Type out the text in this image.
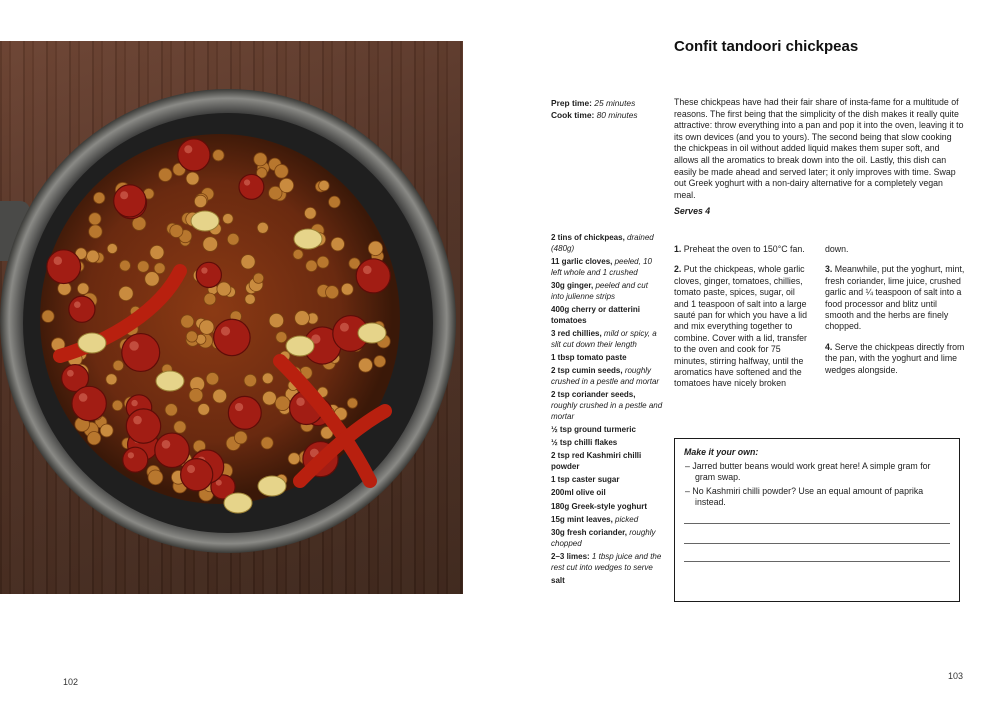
Confit tandoori chickpeas
Prep time: 25 minutes
Cook time: 80 minutes
These chickpeas have had their fair share of insta-fame for a multitude of reasons. The first being that the simplicity of the dish makes it really quite attractive: throw everything into a pan and pop it into the oven, leaving it to its own devices (and you to yours). The second being that slow cooking the chickpeas in oil without added liquid makes them super soft, and allows all the aromatics to break down into the oil. Lastly, this dish can easily be made ahead and served later; it only improves with time. Swap out Greek yoghurt with a non-dairy alternative for a completely vegan meal.
Serves 4
2 tins of chickpeas, drained (480g)
11 garlic cloves, peeled, 10 left whole and 1 crushed
30g ginger, peeled and cut into julienne strips
400g cherry or datterini tomatoes
3 red chillies, mild or spicy, a slit cut down their length
1 tbsp tomato paste
2 tsp cumin seeds, roughly crushed in a pestle and mortar
2 tsp coriander seeds, roughly crushed in a pestle and mortar
½ tsp ground turmeric
½ tsp chilli flakes
2 tsp red Kashmiri chilli powder
1 tsp caster sugar
200ml olive oil
180g Greek-style yoghurt
15g mint leaves, picked
30g fresh coriander, roughly chopped
2–3 limes: 1 tbsp juice and the rest cut into wedges to serve
salt
1. Preheat the oven to 150°C fan.
2. Put the chickpeas, whole garlic cloves, ginger, tomatoes, chillies, tomato paste, spices, sugar, oil and 1 teaspoon of salt into a large sauté pan for which you have a lid and mix everything together to combine. Cover with a lid, transfer to the oven and cook for 75 minutes, stirring halfway, until the aromatics have softened and the tomatoes have nicely broken
down.
3. Meanwhile, put the yoghurt, mint, fresh coriander, lime juice, crushed garlic and ¼ teaspoon of salt into a food processor and blitz until smooth and the herbs are finely chopped.
4. Serve the chickpeas directly from the pan, with the yoghurt and lime wedges alongside.
Make it your own:
– Jarred butter beans would work great here! A simple gram for gram swap.
– No Kashmiri chilli powder? Use an equal amount of paprika instead.
102
103
